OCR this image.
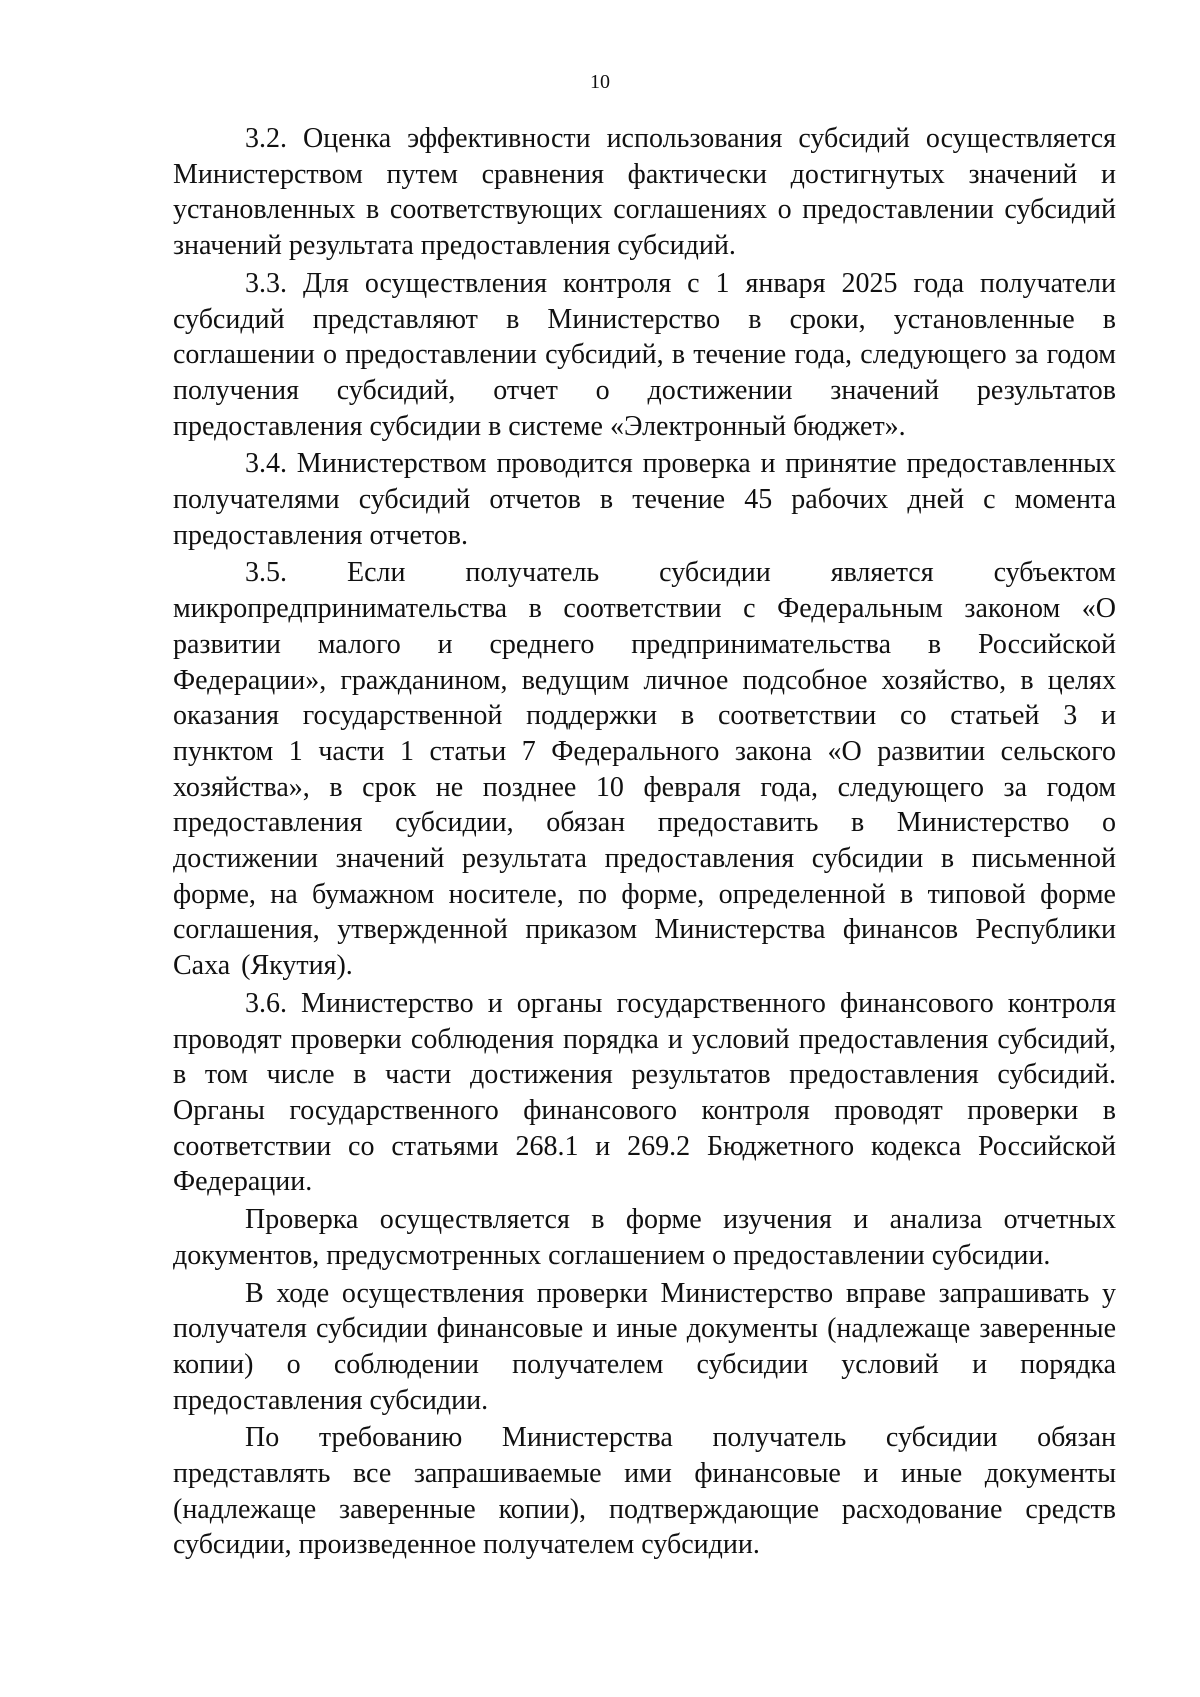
10

3.2. Оценка эффективности использования субсидий осуществляется Министерством путем сравнения фактически достигнутых значений и установленных в соответствующих соглашениях о предоставлении субсидий значений результата предоставления субсидий.

3.3. Для осуществления контроля с 1 января 2025 года получатели субсидий представляют в Министерство в сроки, установленные в соглашении о предоставлении субсидий, в течение года, следующего за годом получения субсидий, отчет о достижении значений результатов предоставления субсидии в системе «Электронный бюджет».

3.4. Министерством проводится проверка и принятие предоставленных получателями субсидий отчетов в течение 45 рабочих дней с момента предоставления отчетов.

3.5. Если получатель субсидии является субъектом микропредпринимательства в соответствии с Федеральным законом «О развитии малого и среднего предпринимательства в Российской Федерации», гражданином, ведущим личное подсобное хозяйство, в целях оказания государственной поддержки в соответствии со статьей 3 и пунктом 1 части 1 статьи 7 Федерального закона «О развитии сельского хозяйства», в срок не позднее 10 февраля года, следующего за годом предоставления субсидии, обязан предоставить в Министерство о достижении значений результата предоставления субсидии в письменной форме, на бумажном носителе, по форме, определенной в типовой форме соглашения, утвержденной приказом Министерства финансов Республики Саха (Якутия).

3.6. Министерство и органы государственного финансового контроля проводят проверки соблюдения порядка и условий предоставления субсидий, в том числе в части достижения результатов предоставления субсидий. Органы государственного финансового контроля проводят проверки в соответствии со статьями 268.1 и 269.2 Бюджетного кодекса Российской Федерации.

Проверка осуществляется в форме изучения и анализа отчетных документов, предусмотренных соглашением о предоставлении субсидии.

В ходе осуществления проверки Министерство вправе запрашивать у получателя субсидии финансовые и иные документы (надлежаще заверенные копии) о соблюдении получателем субсидии условий и порядка предоставления субсидии.

По требованию Министерства получатель субсидии обязан представлять все запрашиваемые ими финансовые и иные документы (надлежаще заверенные копии), подтверждающие расходование средств субсидии, произведенное получателем субсидии.
